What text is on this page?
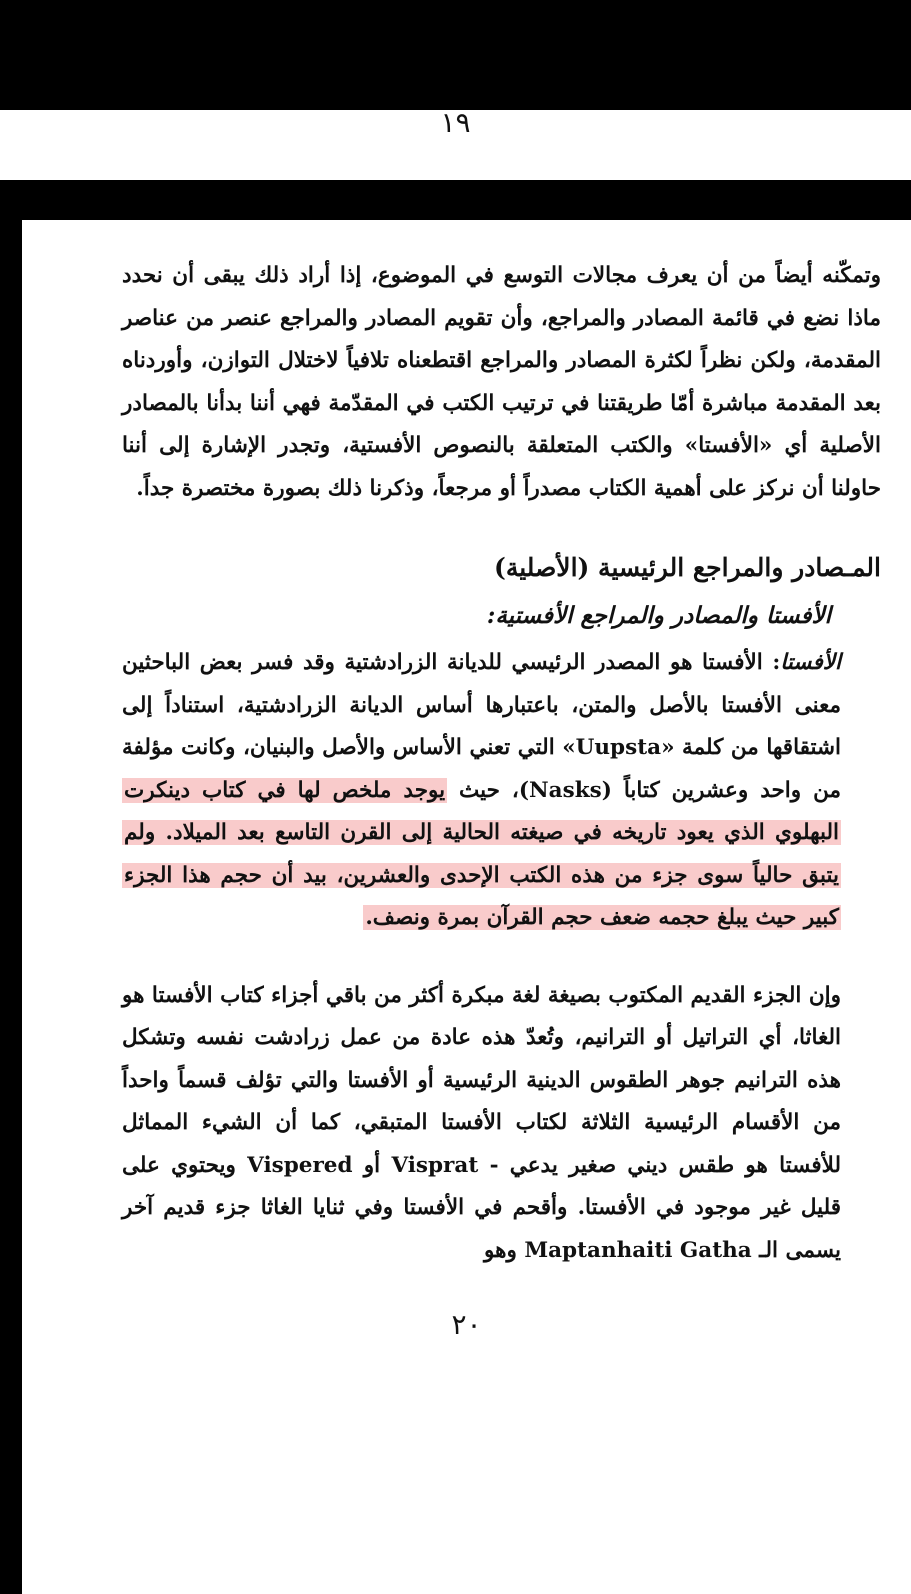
١٩

وتمكّنه أيضاً من أن يعرف مجالات التوسع في الموضوع، إذا أراد ذلك يبقى أن نحدد ماذا نضع في قائمة المصادر والمراجع، وأن تقويم المصادر والمراجع عنصر من عناصر المقدمة، ولكن نظراً لكثرة المصادر والمراجع اقتطعناه تلافياً لاختلال التوازن، وأوردناه بعد المقدمة مباشرة أمّا طريقتنا في ترتيب الكتب في المقدّمة فهي أننا بدأنا بالمصادر الأصلية أي «الأفستا» والكتب المتعلقة بالنصوص الأفستية، وتجدر الإشارة إلى أننا حاولنا أن نركز على أهمية الكتاب مصدراً أو مرجعاً، وذكرنا ذلك بصورة مختصرة جداً.

المـصادر والمراجع الرئيسية (الأصلية)
الأفستا والمصادر والمراجع الأفستية:

الأفستا: الأفستا هو المصدر الرئيسي للديانة الزرادشتية وقد فسر بعض الباحثين معنى الأفستا بالأصل والمتن، باعتبارها أساس الديانة الزرادشتية، استناداً إلى اشتقاقها من كلمة «Uupsta» التي تعني الأساس والأصل والبنيان، وكانت مؤلفة من واحد وعشرين كتاباً (Nasks)، حيث يوجد ملخص لها في كتاب دينكرت البهلوي الذي يعود تاريخه في صيغته الحالية إلى القرن التاسع بعد الميلاد. ولم يتبق حالياً سوى جزء من هذه الكتب الإحدى والعشرين، بيد أن حجم هذا الجزء كبير حيث يبلغ حجمه ضعف حجم القرآن بمرة ونصف.

وإن الجزء القديم المكتوب بصيغة لغة مبكرة أكثر من باقي أجزاء كتاب الأفستا هو الغاثا، أي التراتيل أو الترانيم، وتُعدّ هذه عادة من عمل زرادشت نفسه وتشكل هذه الترانيم جوهر الطقوس الدينية الرئيسية أو الأفستا والتي تؤلف قسماً واحداً من الأقسام الرئيسية الثلاثة لكتاب الأفستا المتبقي، كما أن الشيء المماثل للأفستا هو طقس ديني صغير يدعي - Visprat أو Vispered ويحتوي على قليل غير موجود في الأفستا. وأقحم في الأفستا وفي ثنايا الغاثا جزء قديم آخر يسمى الـ Maptanhaiti Gatha وهو

٢٠
